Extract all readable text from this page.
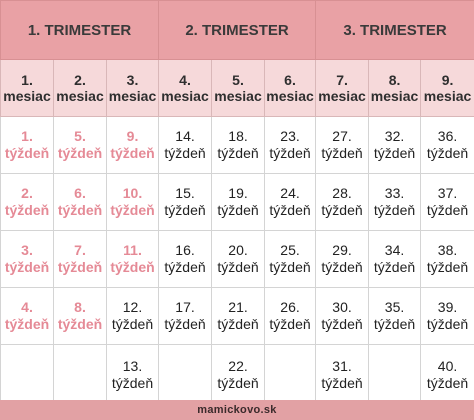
1. TRIMESTER			2. TRIMESTER			3. TRIMESTER		

1.
mesiac	2.
mesiac	3.
mesiac	4.
mesiac	5.
mesiac	6.
mesiac	7.
mesiac	8.
mesiac	9.
mesiac

1.
týždeň	5.
týždeň	9.
týždeň	14.
týždeň	18.
týždeň	23.
týždeň	27.
týždeň	32.
týždeň	36.
týždeň

2.
týždeň	6.
týždeň	10.
týždeň	15.
týždeň	19.
týždeň	24.
týždeň	28.
týždeň	33.
týždeň	37.
týždeň

3.
týždeň	7.
týždeň	11.
týždeň	16.
týždeň	20.
týždeň	25.
týždeň	29.
týždeň	34.
týždeň	38.
týždeň

4.
týždeň	8.
týždeň	12.
týždeň	17.
týždeň	21.
týždeň	26.
týždeň	30.
týždeň	35.
týždeň	39.
týždeň

		13.
týždeň		22.
týždeň		31.
týždeň		40.
týždeň
mamickovo.sk
